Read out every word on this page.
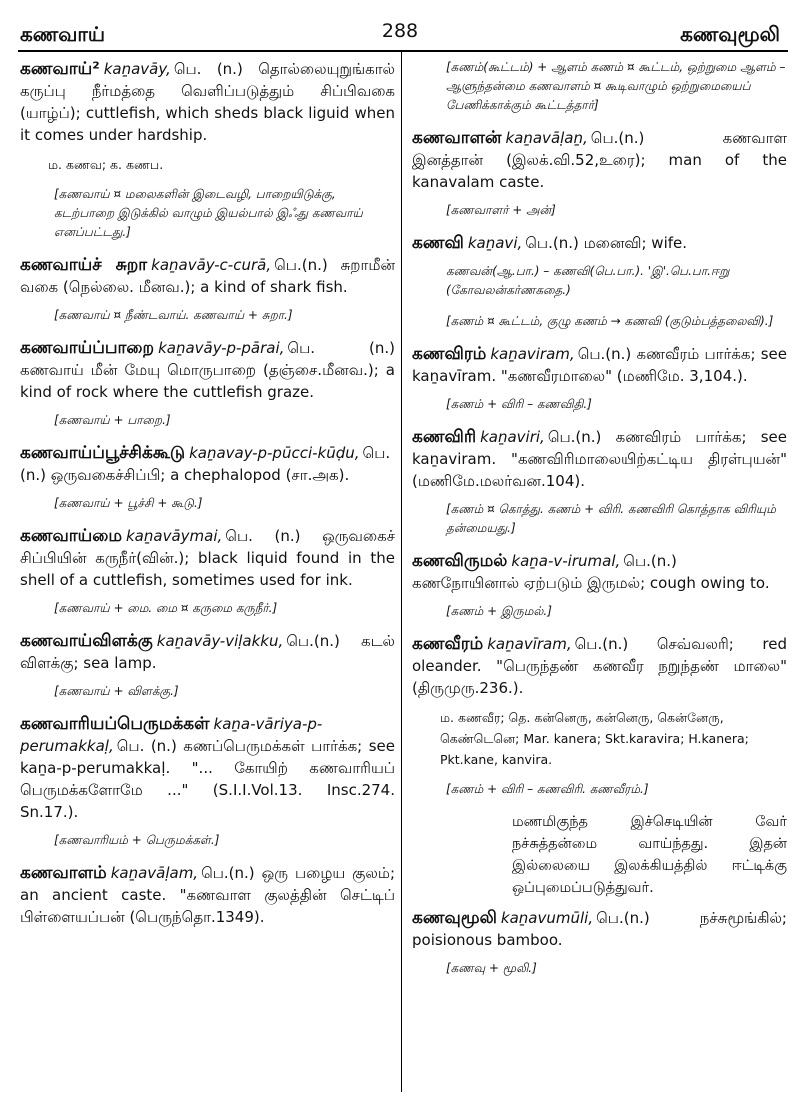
கணவாய்	288	கணவுமூலி
கணவாய்² kaṉavāy, பெ. (n.) தொல்லையுறுங்கால் கருப்பு நீர்மத்தை வெளிப்படுத்தும் சிப்பிவகை (யாழ்ப்); cuttlefish, which sheds black liguid when it comes under hardship.
ம. கணவ; க. கணப.
[கணவாய் ¤ மலைகளின் இடைவழி, பாறையிடுக்கு, கடற்பாறை இடுக்கில் வாழும் இயல்பால் இஃது கணவாய் எனப்பட்டது.]
கணவாய்ச் சுறா kaṉavāy-c-curā, பெ.(n.) சுறாமீன் வகை (நெல்லை. மீனவ.); a kind of shark fish.
[கணவாய் ¤ நீண்டவாய். கணவாய் + சுறா.]
கணவாய்ப்பாறை kaṉavāy-p-pārai, பெ. (n.) கணவாய் மீன் மேயு மொருபாறை (தஞ்சை.மீனவ.); a kind of rock where the cuttlefish graze.
[கணவாய் + பாறை.]
கணவாய்ப்பூச்சிக்கூடு kaṉavay-p-pūcci-kūḍu, பெ.(n.) ஒருவகைச்சிப்பி; a chephalopod (சா.அக).
[கணவாய் + பூச்சி + கூடு.]
கணவாய்மை kaṉavāymai, பெ. (n.) ஒருவகைச் சிப்பியின் கருநீர்(வின்.); black liquid found in the shell of a cuttlefish, sometimes used for ink.
[கணவாய் + மை. மை ¤ கருமை கருநீர்.]
கணவாய்விளக்கு kaṉavāy-viḷakku, பெ.(n.) கடல் விளக்கு; sea lamp.
[கணவாய் + விளக்கு.]
கணவாரியப்பெருமக்கள் kaṉa-vāriya-p-perumakkaḷ, பெ. (n.) கணப்பெருமக்கள் பார்க்க; see kaṉa-p-perumakkaḷ. "... கோயிற் கணவாரியப் பெருமக்களோமே ..." (S.I.I.Vol.13. Insc.274. Sn.17.).
[கணவாரியம் + பெருமக்கள்.]
கணவாளம் kaṉavāḷam, பெ.(n.) ஒரு பழைய குலம்; an ancient caste. "கணவாள குலத்தின் செட்டிப் பிள்ளையப்பன் (பெருந்தொ.1349).
[கணம்(கூட்டம்) + ஆளம் கணம் ¤ கூட்டம், ஒற்றுமை ஆளம் – ஆளுந்தன்மை கணவாளம் ¤ கூடிவாழும் ஒற்றுமையைப் பேணிக்காக்கும் கூட்டத்தார்]
கணவாளன் kaṉavāḷaṉ, பெ.(n.) கணவாள இனத்தான் (இலக்.வி.52,உரை); man of the kanavalam caste.
[கணவாளர் + அன்]
கணவி kaṉavi, பெ.(n.) மனைவி; wife.
கணவன்(ஆ.பா.) – கணவி(பெ.பா.). 'இ'.பெ.பா.ஈறு (கோவலன்கர்ணகதை.)
[கணம் ¤ கூட்டம், குழு கணம் → கணவி (குடும்பத்தலைவி).]
கணவிரம் kaṉaviram, பெ.(n.) கணவீரம் பார்க்க; see kaṉavīram. "கணவீரமாலை" (மணிமே. 3,104.).
[கணம் + விரி – கணவிதி.]
கணவிரி kaṉaviri, பெ.(n.) கணவிரம் பார்க்க; see kaṉaviram. "கணவிரிமாலையிற்கட்டிய திரள்புயன்" (மணிமே.மலர்வன.104).
[கணம் ¤ கொத்து. கணம் + விரி. கணவிரி கொத்தாக விரியும் தன்மையது.]
கணவிருமல் kaṉa-v-irumal, பெ.(n.) கணநோயினால் ஏற்படும் இருமல்; cough owing to.
[கணம் + இருமல்.]
கணவீரம் kaṉavīram, பெ.(n.) செவ்வலரி; red oleander. "பெருந்தண் கணவீர நறுந்தண் மாலை" (திருமுரு.236.).
ம. கணவீர; தெ. கன்னெரு, கன்னெரு, கென்னேரு, கெண்டெனெ; Mar. kanera; Skt.karavira; H.kanera; Pkt.kane, kanvira.
[கணம் + விரி – கணவிரி. கணவீரம்.]
மணமிகுந்த இச்செடியின் வேர் நச்சுத்தன்மை வாய்ந்தது. இதன் இல்லையை இலக்கியத்தில் ஈட்டிக்கு ஒப்புமைப்படுத்துவர்.
கணவுமூலி kaṉavumūli, பெ.(n.) நச்சுமூங்கில்; poisionous bamboo.
[கணவு + மூலி.]
